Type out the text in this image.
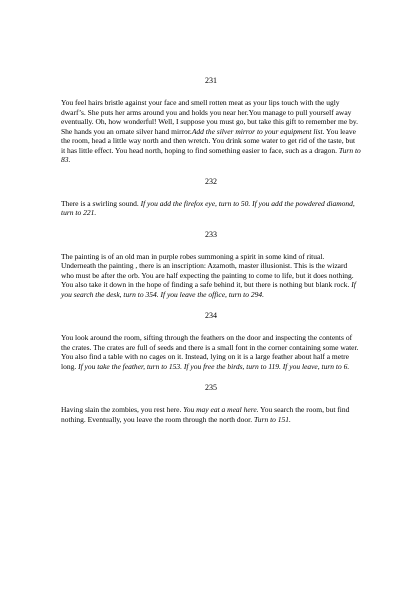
231

You feel hairs bristle against your face and smell rotten meat as your lips touch with the ugly dwarf’s. She puts her arms around you and holds you near her.You manage to pull yourself away eventually. Oh, how wonderful! Well, I suppose you must go, but take this gift to remember me by. She hands you an ornate silver hand mirror.Add the silver mirror to your equipment list. You leave the room, head a little way north and then wretch. You drink some water to get rid of the taste, but it has little effect. You head north, hoping to find something easier to face, such as a dragon. Turn to 83.

232

There is a swirling sound. If you add the firefox eye, turn to 50. If you add the powdered diamond, turn to 221.

233

The painting is of an old man in purple robes summoning a spirit in some kind of ritual. Underneath the painting , there is an inscription: Azamoth, master illusionist. This is the wizard who must be after the orb. You are half expecting the painting to come to life, but it does nothing. You also take it down in the hope of finding a safe behind it, but there is nothing but blank rock. If you search the desk, turn to 354. If you leave the office, turn to 294.

234

You look around the room, sifting through the feathers on the door and inspecting the contents of the crates. The crates are full of seeds and there is a small font in the corner containing some water. You also find a table with no cages on it. Instead, lying on it is a large feather about half a metre long. If you take the feather, turn to 153. If you free the birds, turn to 119. If you leave, turn to 6.

235

Having slain the zombies, you rest here. You may eat a meal here. You search the room, but find nothing. Eventually, you leave the room through the north door. Turn to 151.
